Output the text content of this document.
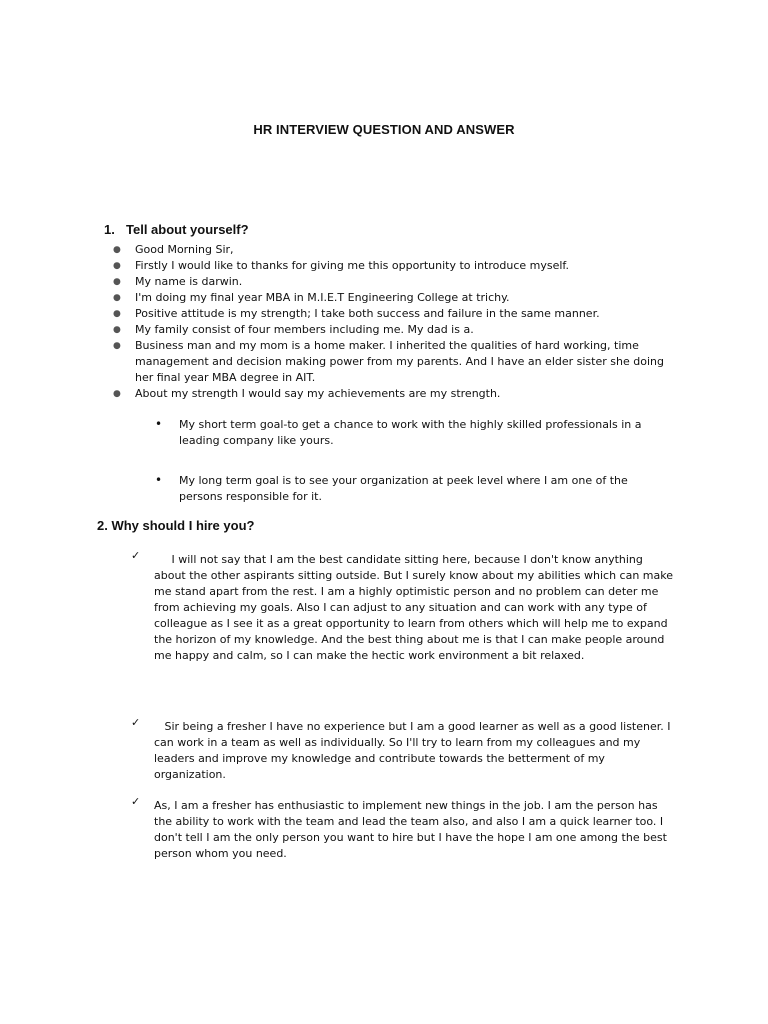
HR INTERVIEW QUESTION AND ANSWER
1. Tell about yourself?
● Good Morning Sir,
● Firstly I would like to thanks for giving me this opportunity to introduce myself.
● My name is darwin.
● I'm doing my final year MBA in M.I.E.T Engineering College at trichy.
● Positive attitude is my strength; I take both success and failure in the same manner.
● My family consist of four members including me. My dad is a.
● Business man and my mom is a home maker. I inherited the qualities of hard working, time management and decision making power from my parents. And I have an elder sister she doing her final year MBA degree in AIT.
● About my strength I would say my achievements are my strength.
• My short term goal-to get a chance to work with the highly skilled professionals in a leading company like yours.
• My long term goal is to see your organization at peek level where I am one of the persons responsible for it.
2. Why should I hire you?
✓ I will not say that I am the best candidate sitting here, because I don't know anything about the other aspirants sitting outside. But I surely know about my abilities which can make me stand apart from the rest. I am a highly optimistic person and no problem can deter me from achieving my goals. Also I can adjust to any situation and can work with any type of colleague as I see it as a great opportunity to learn from others which will help me to expand the horizon of my knowledge. And the best thing about me is that I can make people around me happy and calm, so I can make the hectic work environment a bit relaxed.
✓ Sir being a fresher I have no experience but I am a good learner as well as a good listener. I can work in a team as well as individually. So I'll try to learn from my colleagues and my leaders and improve my knowledge and contribute towards the betterment of my organization.
✓ As, I am a fresher has enthusiastic to implement new things in the job. I am the person has the ability to work with the team and lead the team also, and also I am a quick learner too. I don't tell I am the only person you want to hire but I have the hope I am one among the best person whom you need.
